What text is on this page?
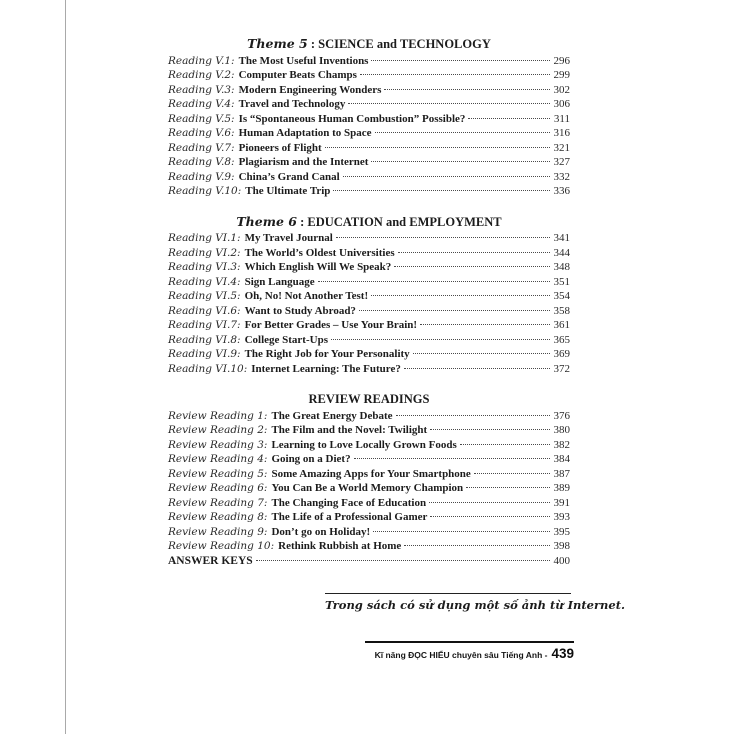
Theme 5 : SCIENCE and TECHNOLOGY
Reading V.1: The Most Useful Inventions	296
Reading V.2: Computer Beats Champs	299
Reading V.3: Modern Engineering Wonders	302
Reading V.4: Travel and Technology	306
Reading V.5: Is “Spontaneous Human Combustion” Possible?	311
Reading V.6: Human Adaptation to Space	316
Reading V.7: Pioneers of Flight	321
Reading V.8: Plagiarism and the Internet	327
Reading V.9: China’s Grand Canal	332
Reading V.10: The Ultimate Trip	336
Theme 6 : EDUCATION and EMPLOYMENT
Reading VI.1: My Travel Journal	341
Reading VI.2: The World’s Oldest Universities	344
Reading VI.3: Which English Will We Speak?	348
Reading VI.4: Sign Language	351
Reading VI.5: Oh, No! Not Another Test!	354
Reading VI.6: Want to Study Abroad?	358
Reading VI.7: For Better Grades – Use Your Brain!	361
Reading VI.8: College Start-Ups	365
Reading VI.9: The Right Job for Your Personality	369
Reading VI.10: Internet Learning: The Future?	372
REVIEW READINGS
Review Reading 1: The Great Energy Debate	376
Review Reading 2: The Film and the Novel: Twilight	380
Review Reading 3: Learning to Love Locally Grown Foods	382
Review Reading 4: Going on a Diet?	384
Review Reading 5: Some Amazing Apps for Your Smartphone	387
Review Reading 6: You Can Be a World Memory Champion	389
Review Reading 7: The Changing Face of Education	391
Review Reading 8: The Life of a Professional Gamer	393
Review Reading 9: Don’t go on Holiday!	395
Review Reading 10: Rethink Rubbish at Home	398
ANSWER KEYS	400
Trong sách có sử dụng một số ảnh từ Internet.
Kĩ năng ĐỌC HIỂU chuyên sâu Tiếng Anh - 439
